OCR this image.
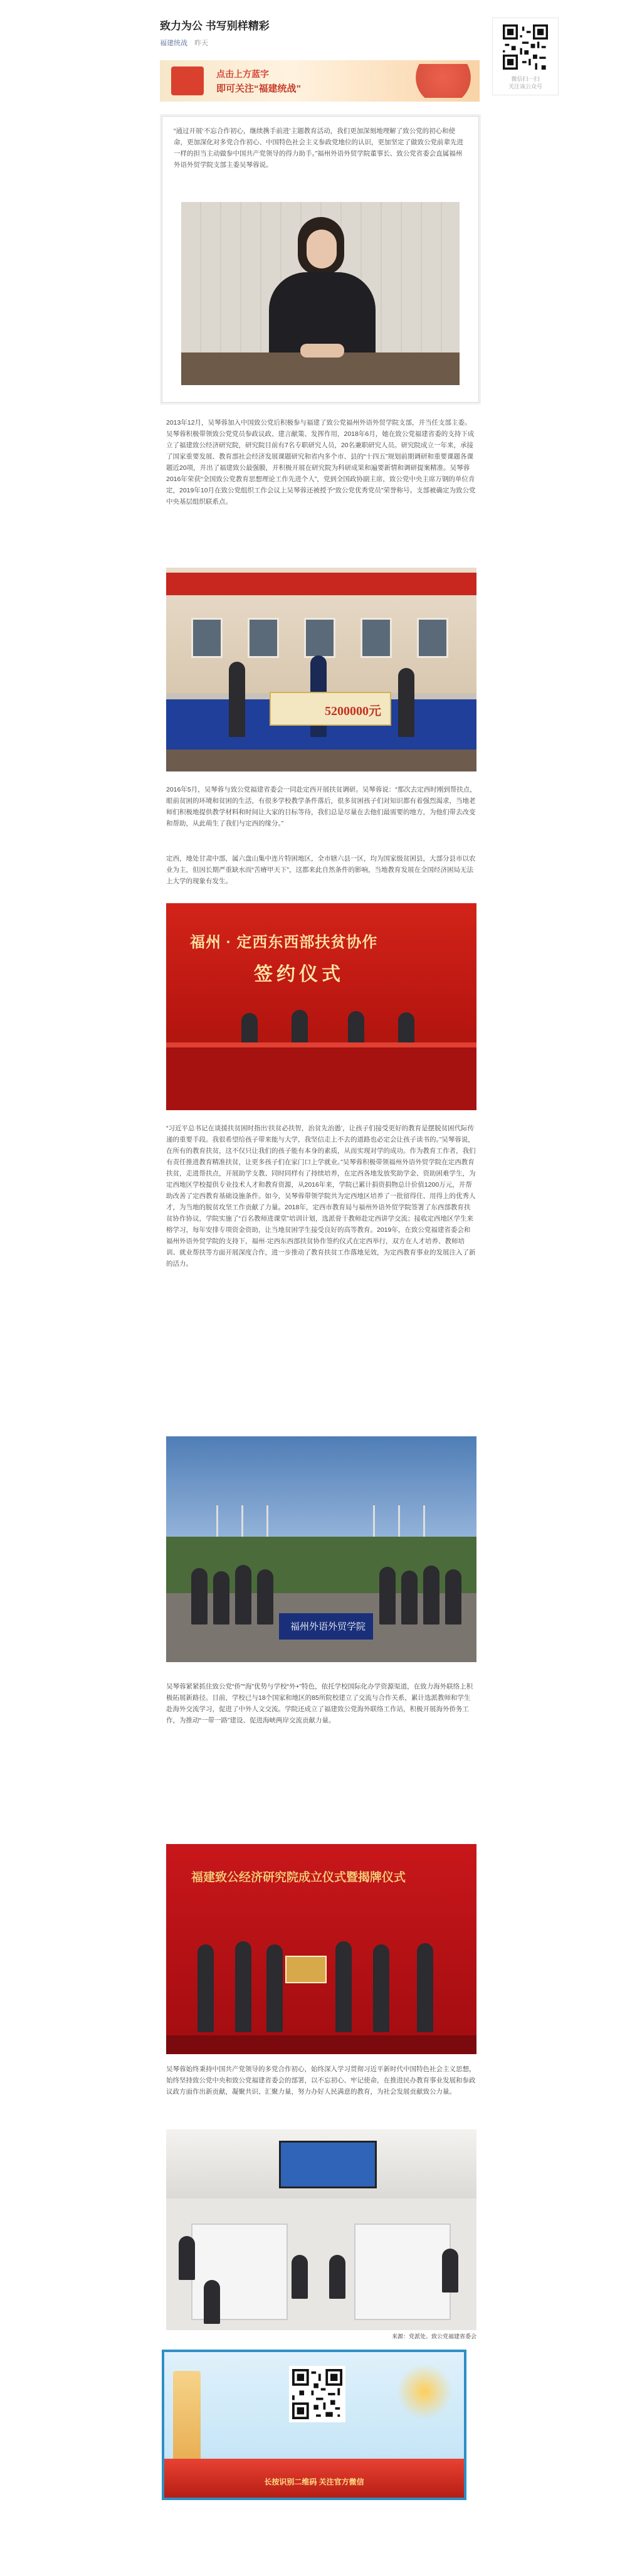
致力为公 书写别样精彩
福建统战 昨天
微信扫一扫
关注该公众号
点击上方蓝字
即可关注“福建统战”

“通过开展‘不忘合作初心，继续携手前进’主题教育活动，我们更加深刻地理解了致公党的初心和使命，更加深化对多党合作初心、中国特色社会主义参政党地位的认识，更加坚定了做致公党前辈先进一样的担当主动做参中国共产党领导的得力助手。”福州外语外贸学院董事长、致公党省委会直属福州外语外贸学院支部主委吴琴蓉说。

2013年12月，吴琴蓉加入中国致公党后积极参与福建了致公党福州外语外贸学院支部，并当任支部主委。吴琴蓉积极带领致公党党员参政议政、建言献策、发挥作用，2018年6月，她在致公党福建省委的支持下成立了福建致公经济研究院，研究院目前有7名专职研究人员，20名兼职研究人员。研究院成立一年来，承接了国家重要发展、教育部社会经济发展课题研究和省内多个市、县的“十四五”规划前期调研和重要课题各课题近20项，并出了福建致公最强膜，并积极开展在研究院为科研成果和遍要新情和调研提案精准。吴琴蓉2016年荣获“全国致公党教育思想理论工作先进个人”，党到全国政协副主席，致公党中央主席万钢的单位肯定，2019年10月在致公党组织工作会议上吴琴蓉还被授予“致公党优秀党员”荣誉称号。支部被确定为致公党中央基层组织联系点。

5200000元

2016年5月，吴琴蓉与致公党福建省委会一同赴定西开展扶贫调研。吴琴蓉说：“那次去定西时刚到帮扶点，眼前贫困的环境和贫困的生活，有很多学校教学条件落后，很多贫困孩子们对知识都有着强烈渴求，当地老师们积极地提供教学材料和时间让大家的目标等待，我们总是尽量在去他们最需要的地方，为他们带去改变和帮助，从此萌生了我们与定西的缘分。”

定西，地处甘肃中部，属六盘山集中连片特困地区，全市辖六县一区，均为国家级贫困县，大部分县市以农业为主，但因长期严重缺水而“苦瘠甲天下”，这都来此自然条件的影响，当地教育发展在全国经济困局无法上大学的现象有发生。

福州 · 定西东西部扶贫协作
签约仪式

“习近平总书记在谈援扶贫困时指出‘扶贫必扶智，治贫先治愚’，让孩子们接受更好的教育是摆脱贫困代际传递的重要手段。我很希望给孩子带来能与大学，我坚信走上不去的道路也必定会让孩子读书的。”吴琴蓉说，在所有的教育扶贫，这不仅只让我们的孩子能有本身的素质，从而实现对学的成功。作为教育工作者，我们有责任推进教育精准扶贫，让更多孩子们在家门口上学就业。”吴琴蓉积极带领福州外语外贸学院在定西教育扶贫，走进帮扶点，开展助学支教、同时同样有了持续培养，在定西各地发放奖助学金、资助困难学生，为定西地区学校提供专业技术人才和教育资源，从2016年来，学院已累计捐资捐物总计价值1200万元，并帮助改善了定西教育基础设施条件。如今，吴琴蓉带领学院共为定西地区培养了一批留得住、用得上的优秀人才，为当地的脱贫攻坚工作贡献了力量。2018年，定西市教育局与福州外语外贸学院签署了东西部教育扶贫协作协议，学院实施了“百名教师进课堂”培训计划，选派骨干教师赴定西讲学交流；接收定西地区学生来榕学习，每年安排专项资金资助，让当地贫困学生接受良好的高等教育。2019年，在致公党福建省委会和福州外语外贸学院的支持下，福州·定西东西部扶贫协作签约仪式在定西举行，双方在人才培养、教师培训、就业帮扶等方面开展深度合作，进一步推动了教育扶贫工作落地见效，为定西教育事业的发展注入了新的活力。

福州外语外贸学院

吴琴蓉紧紧抓住致公党“侨”“海”优势与学校“外+”特色，依托学校国际化办学资源渠道，在致力海外联络上积极拓展新路径。目前，学校已与18个国家和地区的85所院校建立了交流与合作关系，累计选派教师和学生赴海外交流学习，促进了中外人文交流。学院还成立了福建致公党海外联络工作站，积极开展海外侨务工作，为推动“一带一路”建设、促进海峡两岸交流贡献力量。

福建致公经济研究院成立仪式暨揭牌仪式

吴琴蓉始终秉持中国共产党领导的多党合作初心，始终深入学习贯彻习近平新时代中国特色社会主义思想，始终坚持致公党中央和致公党福建省委会的部署，以不忘初心、牢记使命，在推进民办教育事业发展和参政议政方面作出新贡献，凝聚共识、汇聚力量，努力办好人民满意的教育，为社会发展贡献致公力量。

来源：党派处、致公党福建省委会
长按识别二维码 关注官方微信
